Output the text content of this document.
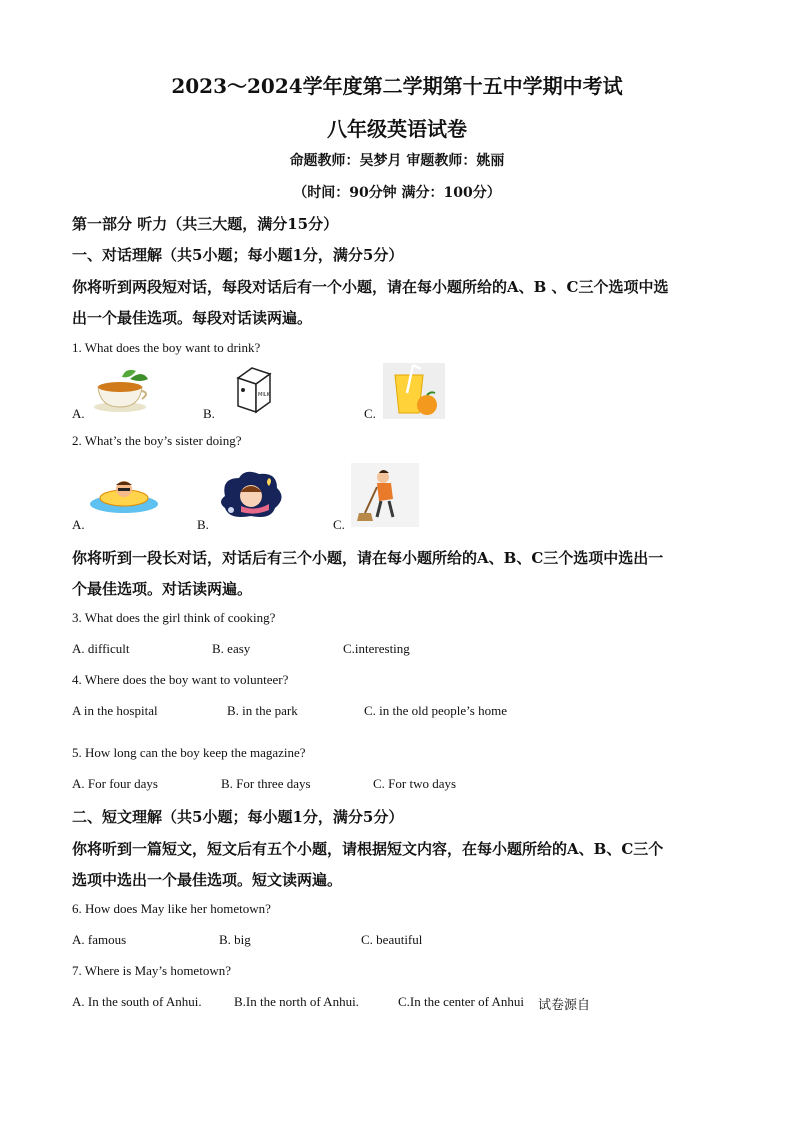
2023～2024学年度第二学期第十五中学期中考试
八年级英语试卷
命题教师：吴梦月 审题教师：姚丽
（时间：90分钟 满分：100分）
第一部分 听力（共三大题，满分15分）
一、对话理解（共5小题；每小题1分，满分5分）
你将听到两段短对话，每段对话后有一个小题，请在每小题所给的A、B 、C三个选项中选
出一个最佳选项。每段对话读两遍。
1. What does the boy want to drink?
A.	B.
MILK
C.
2. What’s the boy’s sister doing?
A.	B.	C.
你将听到一段长对话，对话后有三个小题，请在每小题所给的A、B、C三个选项中选出一
个最佳选项。对话读两遍。
3. What does the girl think of cooking?
A. difficult	B. easy	C.interesting
4. Where does the boy want to volunteer?
A in the hospital	B. in the park	C. in the old people’s home
5. How long can the boy keep the magazine?
A. For four days	B. For three days	C. For two days
二、短文理解（共5小题；每小题1分，满分5分）
你将听到一篇短文，短文后有五个小题，请根据短文内容，在每小题所给的A、B、C三个
选项中选出一个最佳选项。短文读两遍。
6. How does May like her hometown?
A. famous	B. big	C. beautiful
7. Where is May’s hometown?
A. In the south of Anhui. B.In the north of Anhui.	C.In the center of Anhui 试卷源自
